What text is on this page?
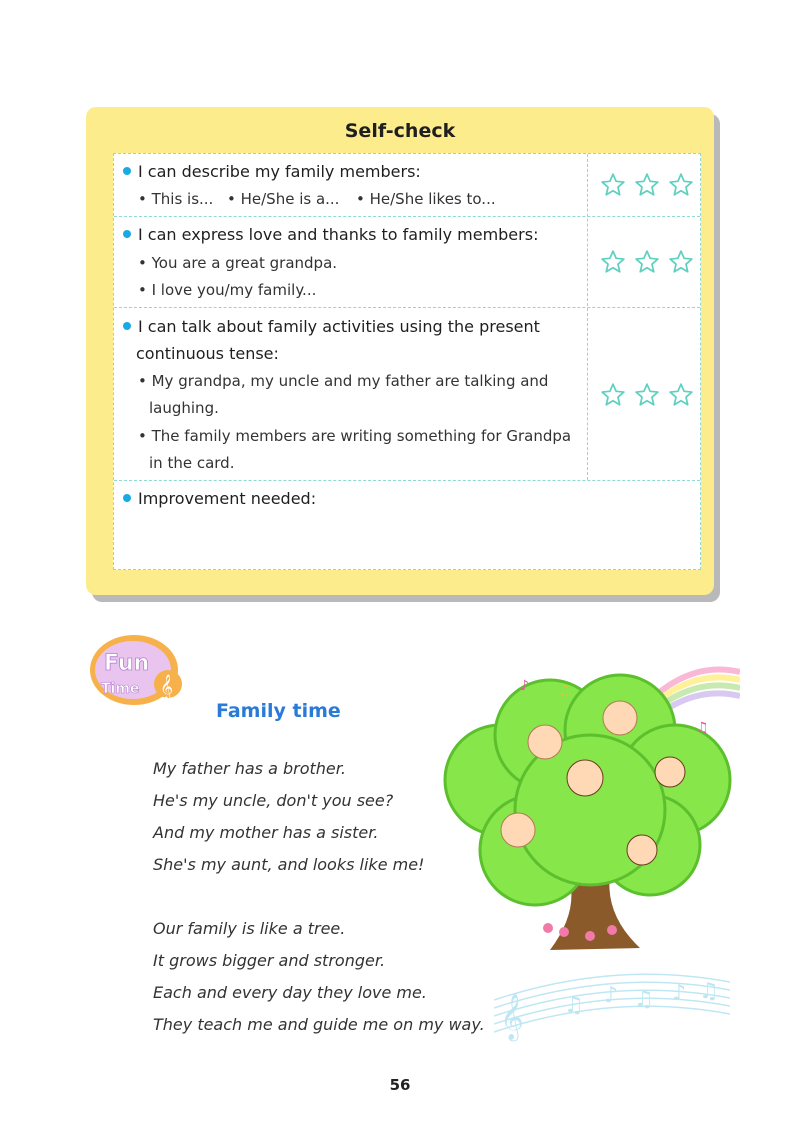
Self-check
I can describe my family members:
• This is... • He/She is a... • He/She likes to...
I can express love and thanks to family members:
• You are a great grandpa.
• I love you/my family...
I can talk about family activities using the present
continuous tense:
• My grandpa, my uncle and my father are talking and
laughing.
• The family members are writing something for Grandpa
in the card.
Improvement needed:
Fun
Time 𝄞
Family time
My father has a brother.
He's my uncle, don't you see?
And my mother has a sister.
She's my aunt, and looks like me!
Our family is like a tree.
It grows bigger and stronger.
Each and every day they love me.
They teach me and guide me on my way.
♪ ♫
♫
𝄞 ♫ ♪ ♫ ♪ ♫
56
